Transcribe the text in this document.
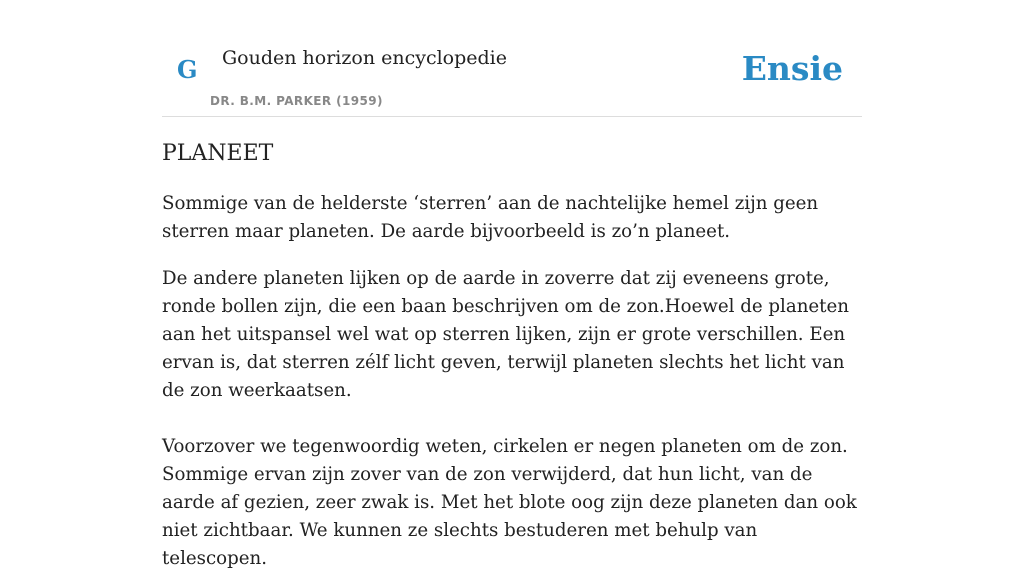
G Gouden horizon encyclopedie
DR. B.M. PARKER (1959)
Ensie
PLANEET

Sommige van de helderste ‘sterren’ aan de nachtelijke hemel zijn geen sterren maar planeten. De aarde bijvoorbeeld is zo’n planeet.

De andere planeten lijken op de aarde in zoverre dat zij eveneens grote, ronde bollen zijn, die een baan beschrijven om de zon.Hoewel de planeten aan het uitspansel wel wat op sterren lijken, zijn er grote verschillen. Een ervan is, dat sterren zélf licht geven, terwijl planeten slechts het licht van de zon weerkaatsen.

Voorzover we tegenwoordig weten, cirkelen er negen planeten om de zon. Sommige ervan zijn zover van de zon verwijderd, dat hun licht, van de aarde af gezien, zeer zwak is. Met het blote oog zijn deze planeten dan ook niet zichtbaar. We kunnen ze slechts bestuderen met behulp van telescopen.
